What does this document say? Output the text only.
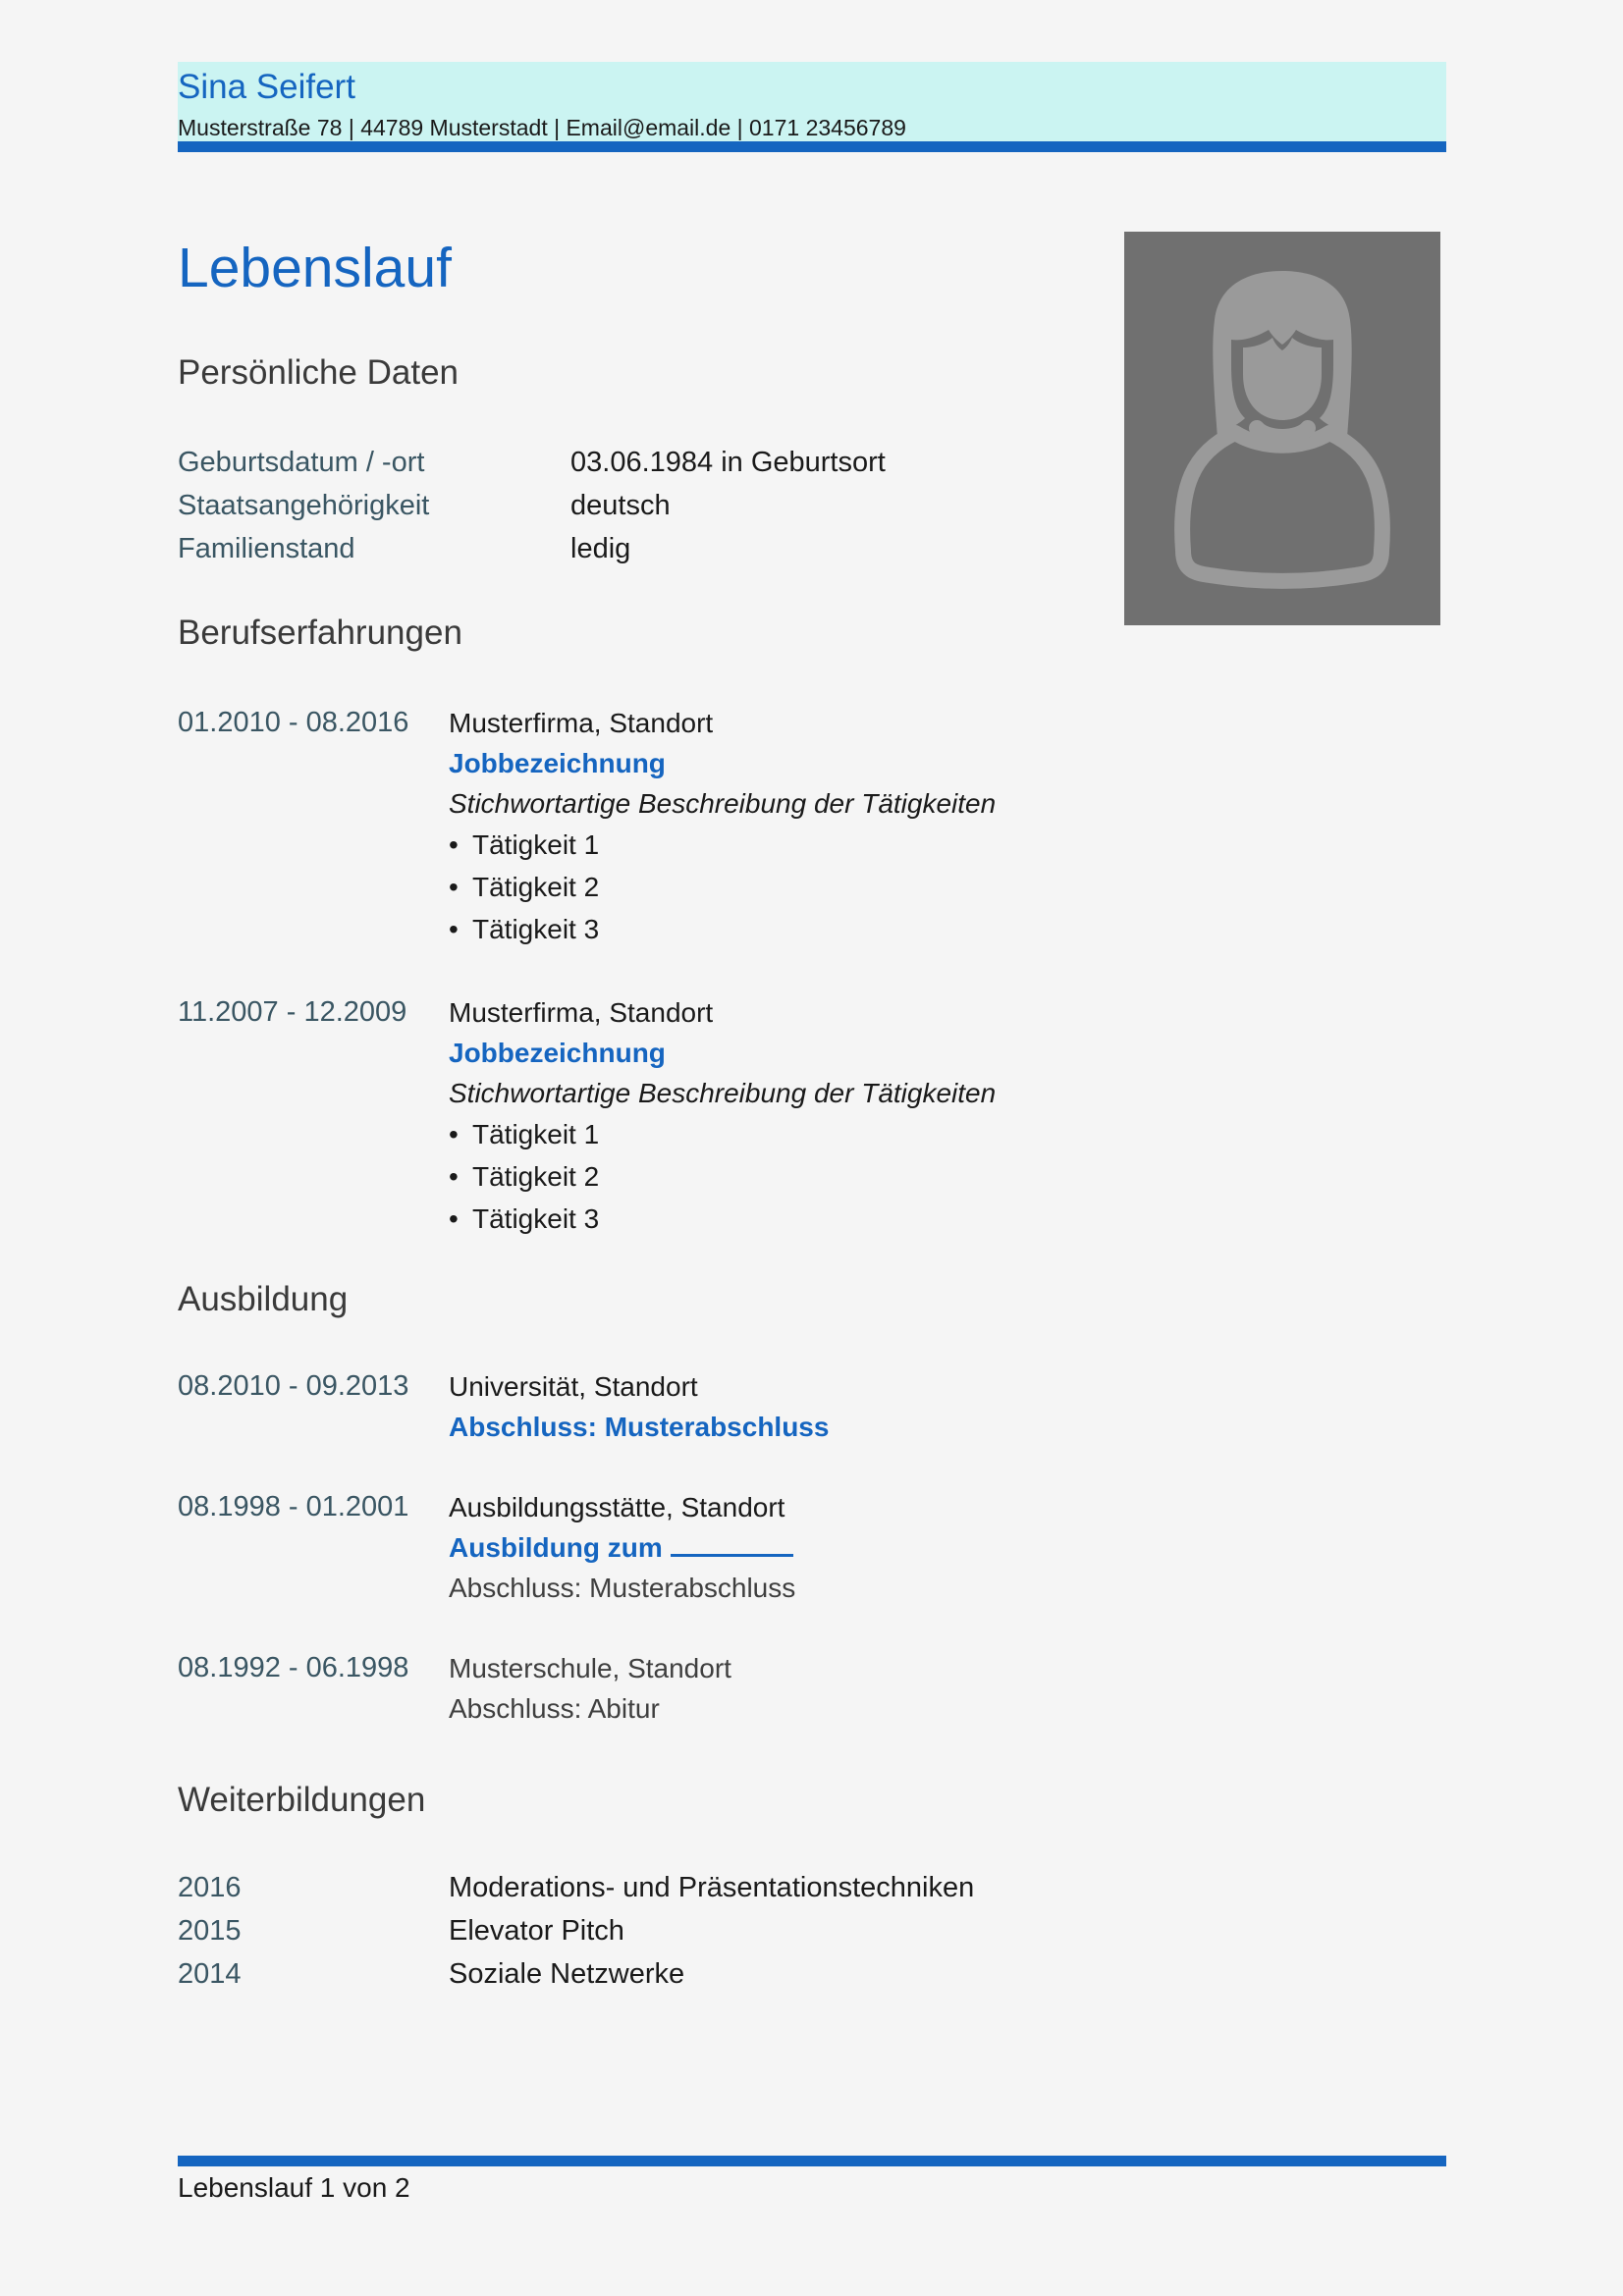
Sina Seifert
Musterstraße 78 | 44789 Musterstadt | Email@email.de | 0171 23456789
Lebenslauf
Persönliche Daten
Geburtsdatum / -ort	03.06.1984 in Geburtsort
Staatsangehörigkeit	deutsch
Familienstand	ledig
Berufserfahrungen
01.2010 - 08.2016 Musterfirma, Standort
Jobbezeichnung
Stichwortartige Beschreibung der Tätigkeiten
• Tätigkeit 1
• Tätigkeit 2
• Tätigkeit 3
11.2007 - 12.2009 Musterfirma, Standort
Jobbezeichnung
Stichwortartige Beschreibung der Tätigkeiten
• Tätigkeit 1
• Tätigkeit 2
• Tätigkeit 3
Ausbildung
08.2010 - 09.2013 Universität, Standort
Abschluss: Musterabschluss
08.1998 - 01.2001 Ausbildungsstätte, Standort
Ausbildung zum
Abschluss: Musterabschluss
08.1992 - 06.1998 Musterschule, Standort
Abschluss: Abitur
Weiterbildungen
2016	Moderations- und Präsentationstechniken
2015	Elevator Pitch
2014	Soziale Netzwerke
Lebenslauf 1 von 2
